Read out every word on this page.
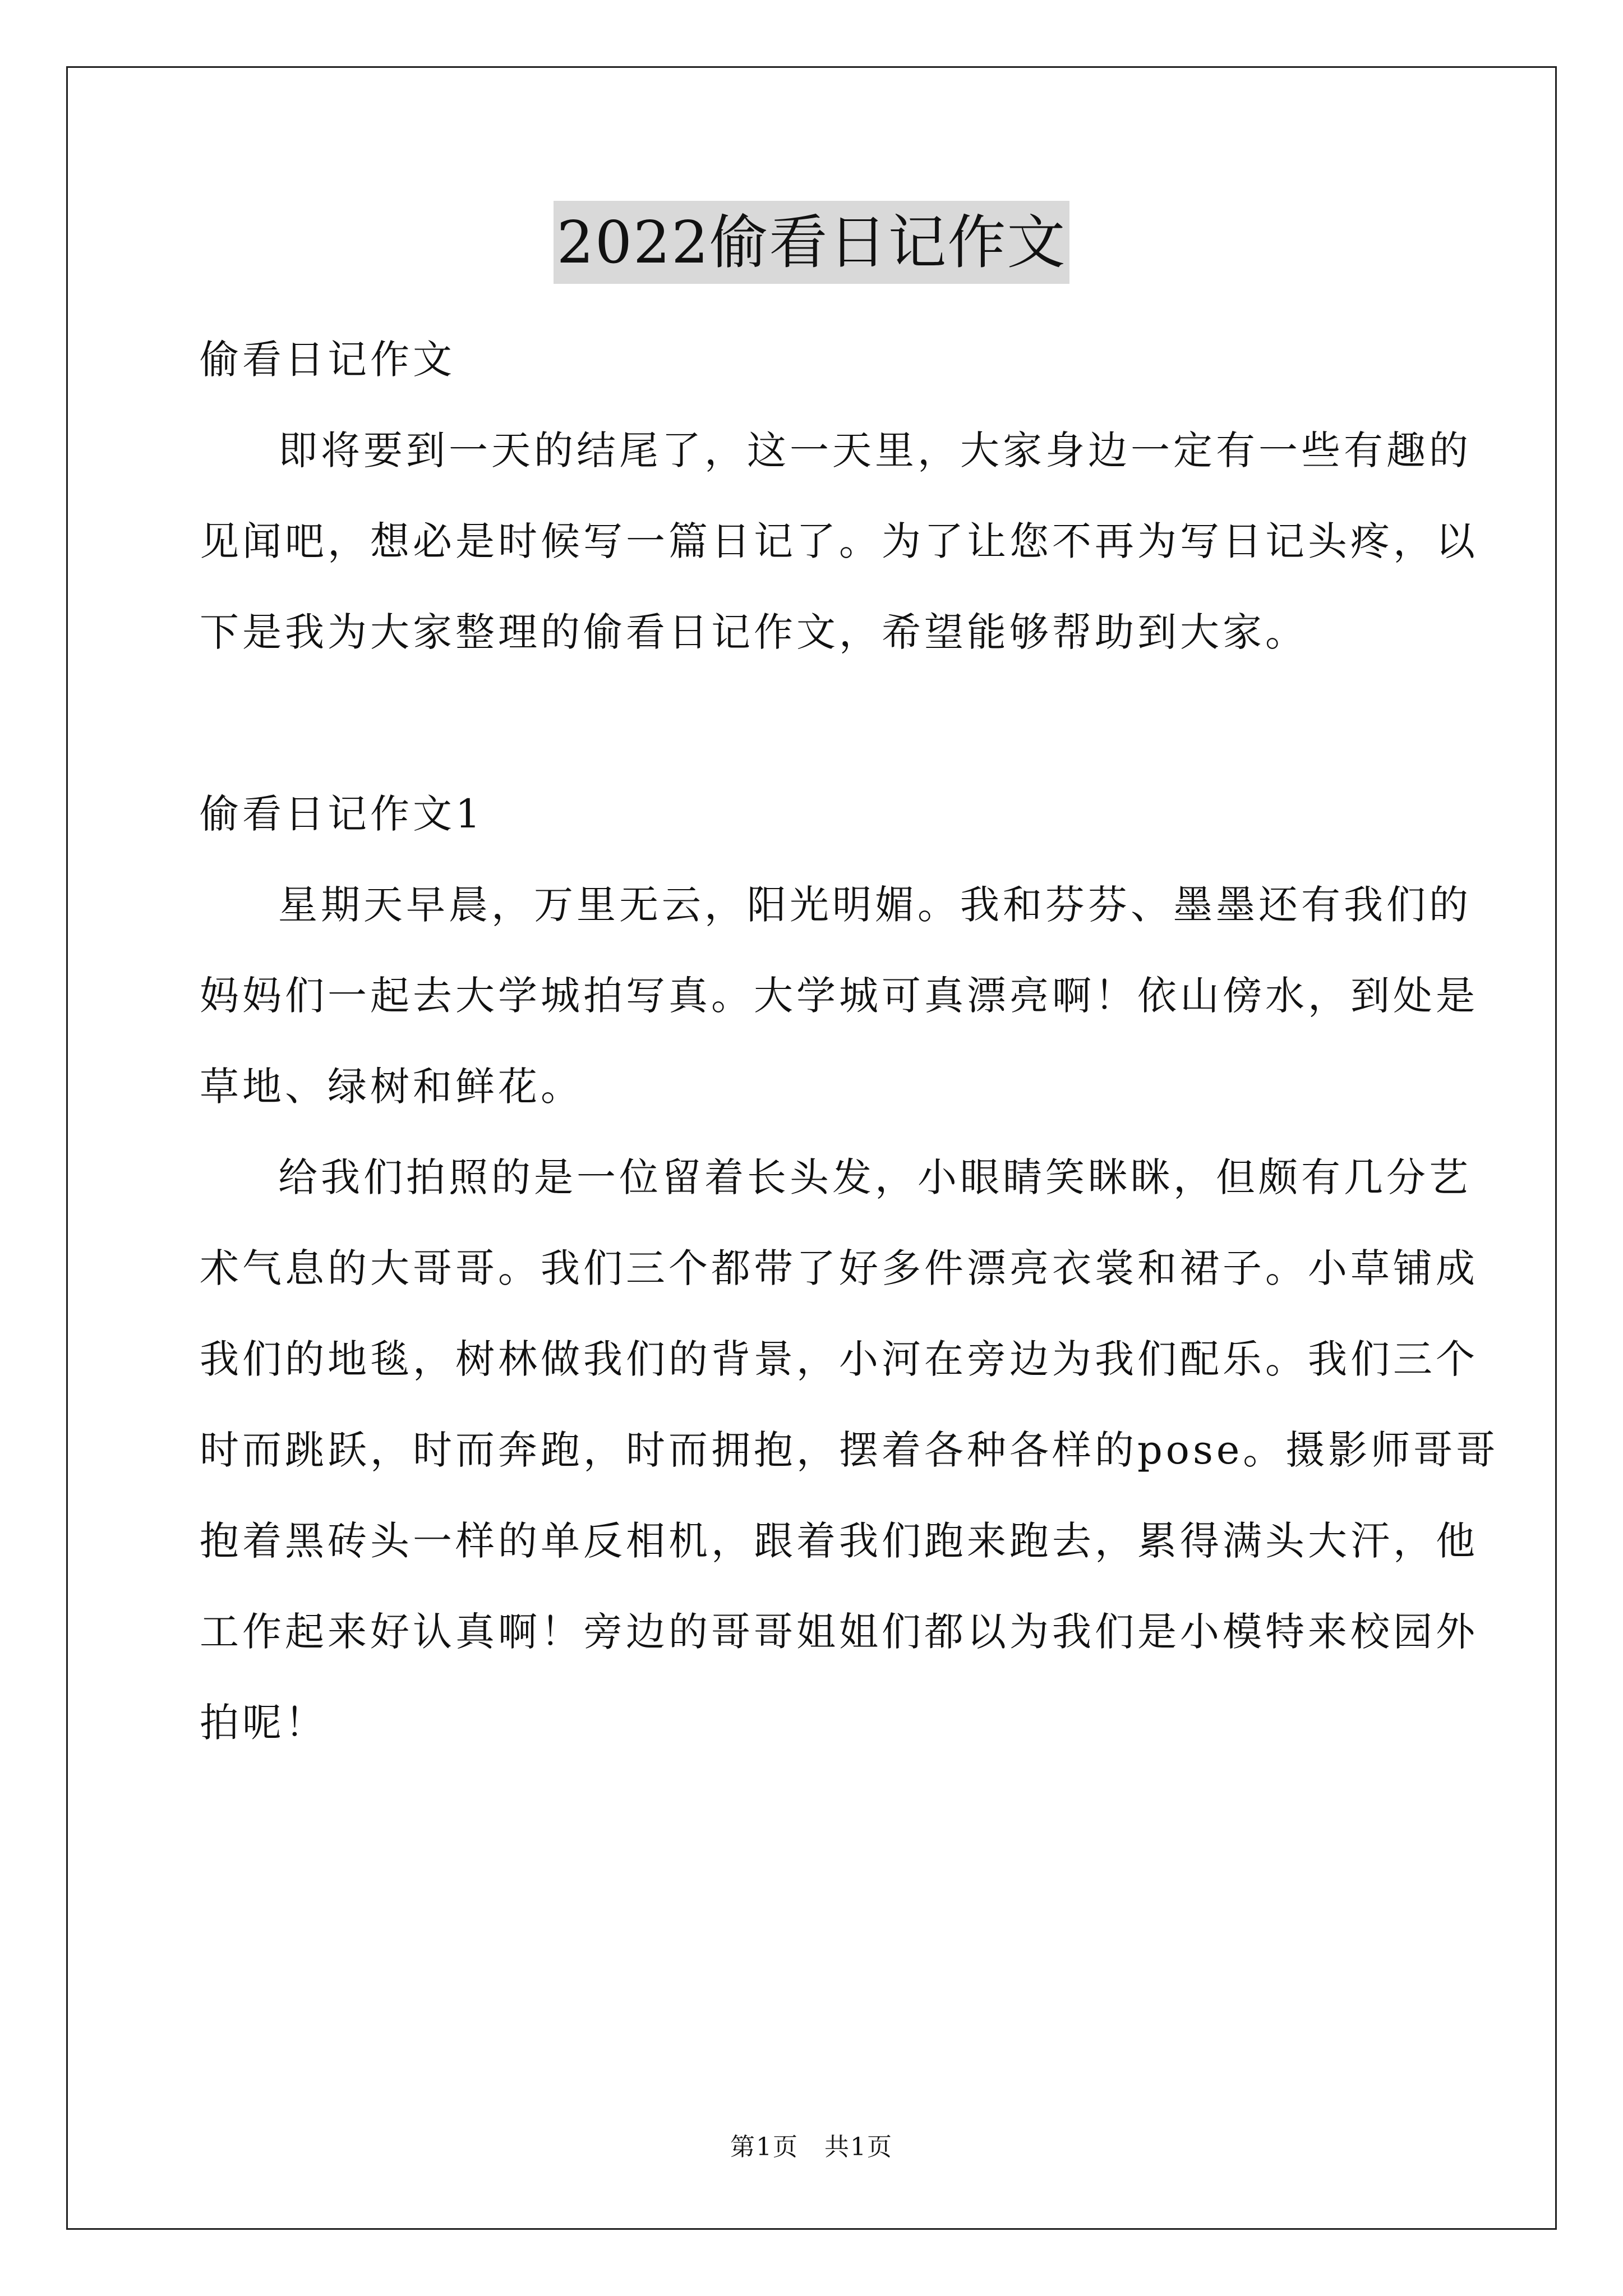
2022偷看日记作文
偷看日记作文
即将要到一天的结尾了，这一天里，大家身边一定有一些有趣的
见闻吧，想必是时候写一篇日记了。为了让您不再为写日记头疼，以
下是我为大家整理的偷看日记作文，希望能够帮助到大家。
偷看日记作文1
星期天早晨，万里无云，阳光明媚。我和芬芬、墨墨还有我们的
妈妈们一起去大学城拍写真。大学城可真漂亮啊！依山傍水，到处是
草地、绿树和鲜花。
给我们拍照的是一位留着长头发，小眼睛笑眯眯，但颇有几分艺
术气息的大哥哥。我们三个都带了好多件漂亮衣裳和裙子。小草铺成
我们的地毯，树林做我们的背景，小河在旁边为我们配乐。我们三个
时而跳跃，时而奔跑，时而拥抱，摆着各种各样的pose。摄影师哥哥
抱着黑砖头一样的单反相机，跟着我们跑来跑去，累得满头大汗，他
工作起来好认真啊！旁边的哥哥姐姐们都以为我们是小模特来校园外
拍呢！
第1页　共1页
